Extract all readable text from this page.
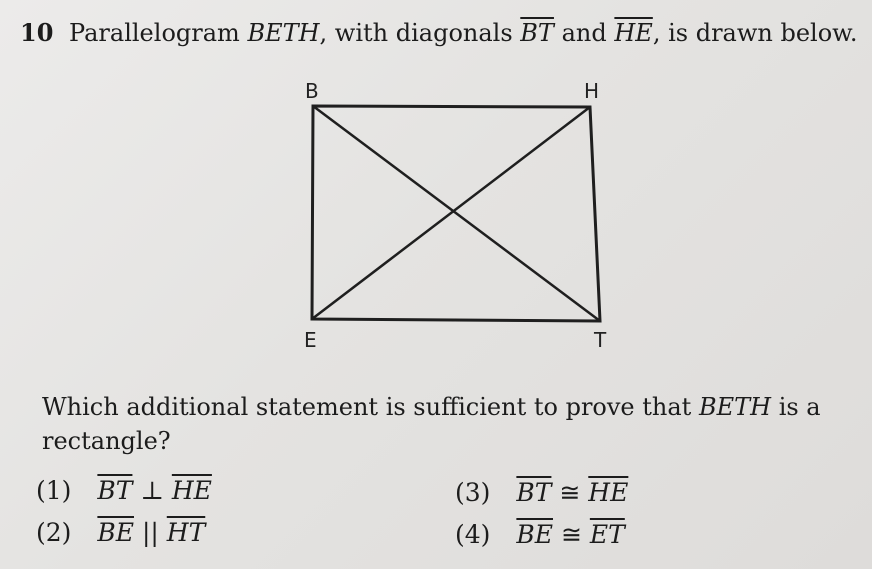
10 Parallelogram BETH, with diagonals $\overline{BT}$ and $\overline{HE}$, is drawn below.
B	H
E	T
Which additional statement is sufficient to prove that BETH is a rectangle?
(1) $\overline{BT}$ ⊥ $\overline{HE}$
(2) $\overline{BE}$ || $\overline{HT}$
(3) $\overline{BT}$ ≅ $\overline{HE}$
(4) $\overline{BE}$ ≅ $\overline{ET}$
